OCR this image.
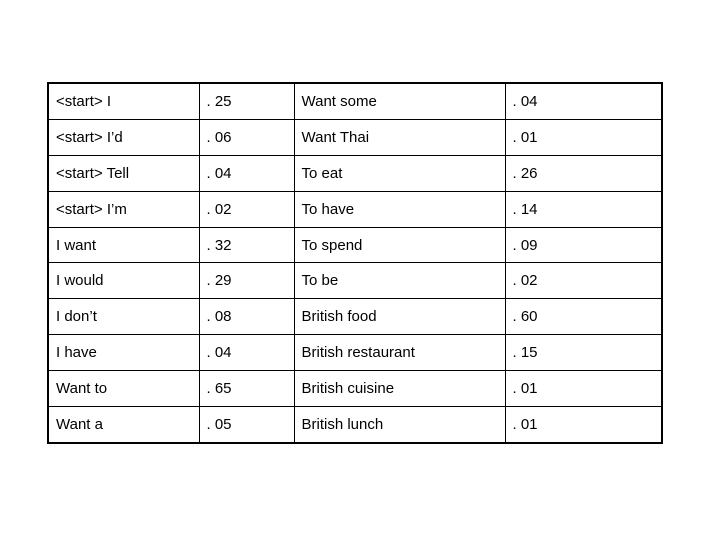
<start> I	. 25	Want some	. 04
<start> I’d	. 06	Want Thai	. 01
<start> Tell	. 04	To eat	. 26
<start> I’m	. 02	To have	. 14
I want	. 32	To spend	. 09
I would	. 29	To be	. 02
I don’t	. 08	British food	. 60
I have	. 04	British restaurant	. 15
Want to	. 65	British cuisine	. 01
Want a	. 05	British lunch	. 01
